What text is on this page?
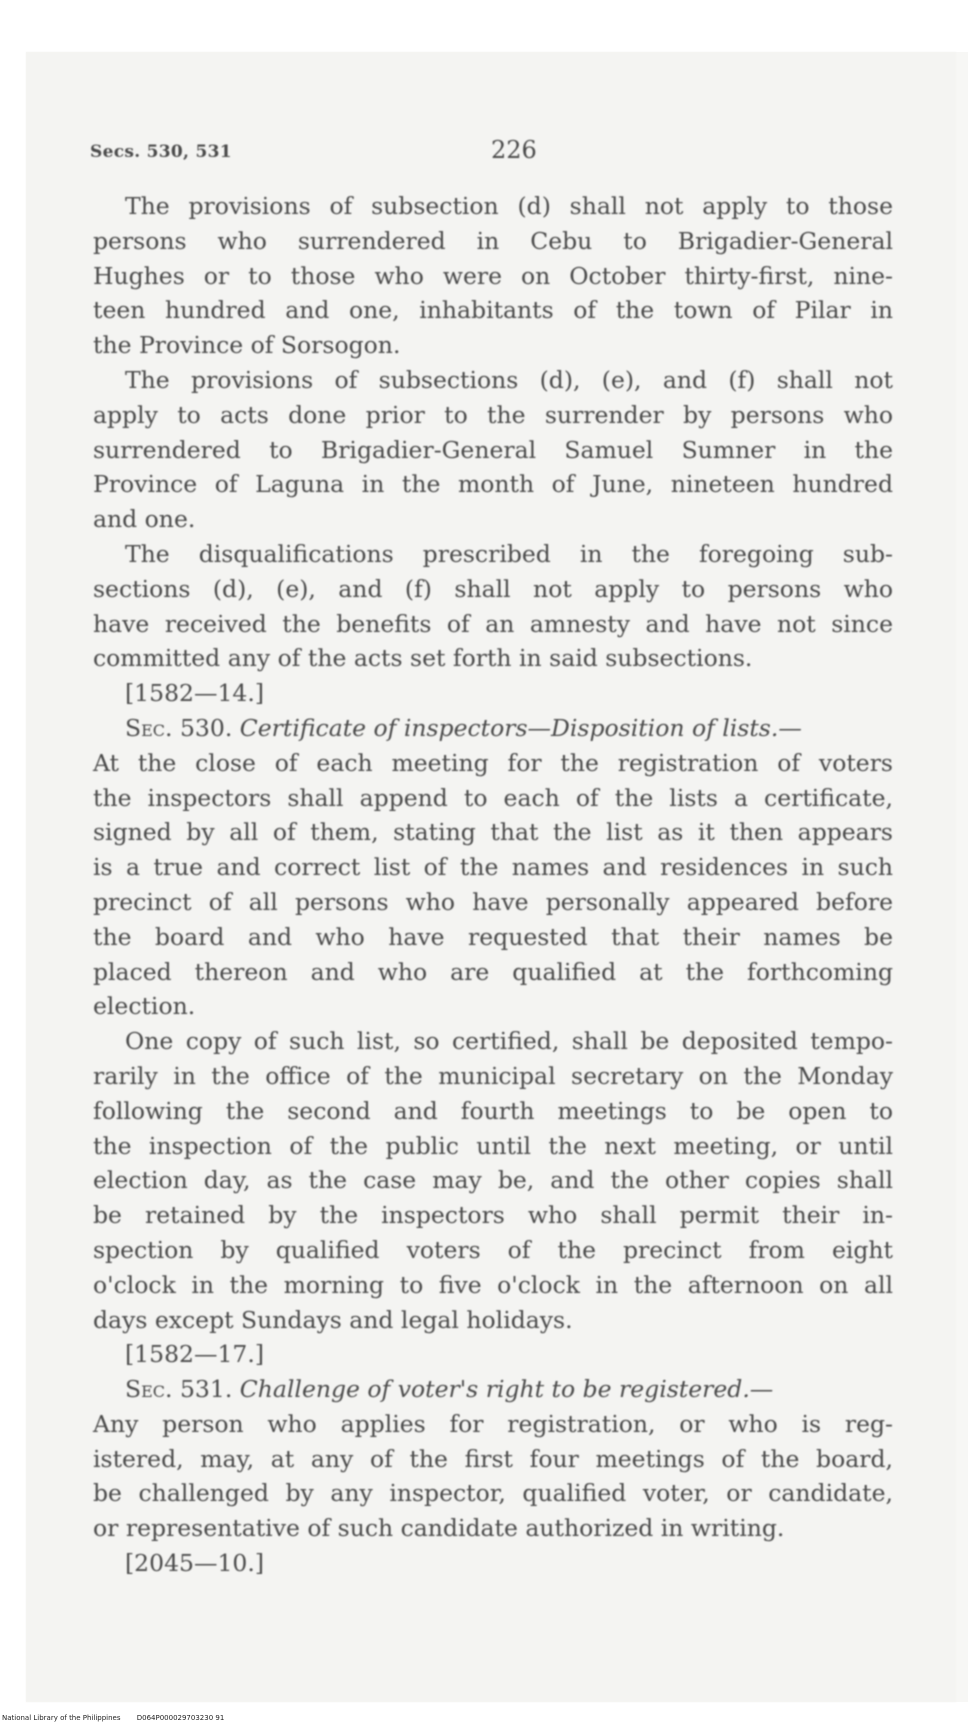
Secs. 530, 531	226
The provisions of subsection (d) shall not apply to those
persons who surrendered in Cebu to Brigadier-General
Hughes or to those who were on October thirty-first, nine-
teen hundred and one, inhabitants of the town of Pilar in
the Province of Sorsogon.
The provisions of subsections (d), (e), and (f) shall not
apply to acts done prior to the surrender by persons who
surrendered to Brigadier-General Samuel Sumner in the
Province of Laguna in the month of June, nineteen hundred
and one.
The disqualifications prescribed in the foregoing sub-
sections (d), (e), and (f) shall not apply to persons who
have received the benefits of an amnesty and have not since
committed any of the acts set forth in said subsections.
[1582—14.]
Sec. 530. Certificate of inspectors—Disposition of lists.—
At the close of each meeting for the registration of voters
the inspectors shall append to each of the lists a certificate,
signed by all of them, stating that the list as it then appears
is a true and correct list of the names and residences in such
precinct of all persons who have personally appeared before
the board and who have requested that their names be
placed thereon and who are qualified at the forthcoming
election.
One copy of such list, so certified, shall be deposited tempo-
rarily in the office of the municipal secretary on the Monday
following the second and fourth meetings to be open to
the inspection of the public until the next meeting, or until
election day, as the case may be, and the other copies shall
be retained by the inspectors who shall permit their in-
spection by qualified voters of the precinct from eight
o'clock in the morning to five o'clock in the afternoon on all
days except Sundays and legal holidays.
[1582—17.]
Sec. 531. Challenge of voter's right to be registered.—
Any person who applies for registration, or who is reg-
istered, may, at any of the first four meetings of the board,
be challenged by any inspector, qualified voter, or candidate,
or representative of such candidate authorized in writing.
[2045—10.]
National Library of the Philippines D064P000029703230 91
